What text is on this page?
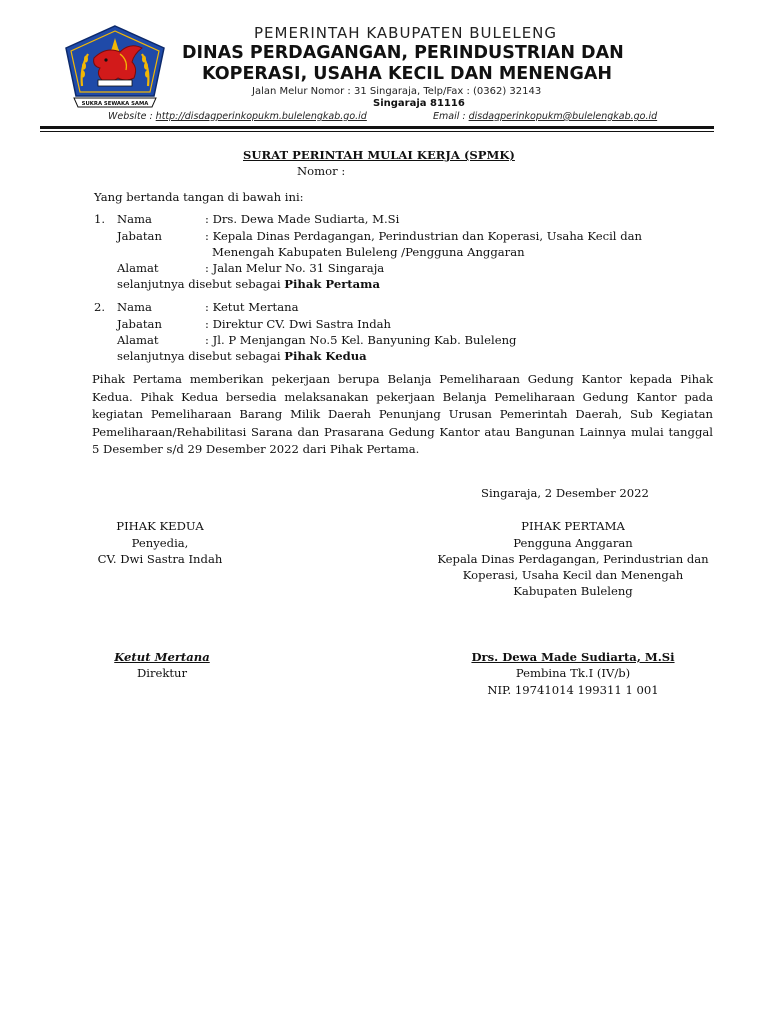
SUKRA SEWAKA SAMA
PEMERINTAH KABUPATEN BULELENG
DINAS PERDAGANGAN, PERINDUSTRIAN DAN
KOPERASI, USAHA KECIL DAN MENENGAH
Jalan Melur Nomor : 31 Singaraja, Telp/Fax : (0362) 32143
Singaraja 81116
Website : http://disdagperinkopukm.bulelengkab.go.id	Email : disdagperinkopukm@bulelengkab.go.id
SURAT PERINTAH MULAI KERJA (SPMK)
Nomor :
Yang bertanda tangan di bawah ini:
1. Nama	: Drs. Dewa Made Sudiarta, M.Si
Jabatan	: Kepala Dinas Perdagangan, Perindustrian dan Koperasi, Usaha Kecil dan
Menengah Kabupaten Buleleng /Pengguna Anggaran
Alamat	: Jalan Melur No. 31 Singaraja
selanjutnya disebut sebagai Pihak Pertama
2. Nama	: Ketut Mertana
Jabatan	: Direktur CV. Dwi Sastra Indah
Alamat	: Jl. P Menjangan No.5 Kel. Banyuning Kab. Buleleng
selanjutnya disebut sebagai Pihak Kedua
Pihak Pertama memberikan pekerjaan berupa Belanja Pemeliharaan Gedung Kantor kepada Pihak Kedua. Pihak Kedua bersedia melaksanakan pekerjaan Belanja Pemeliharaan Gedung Kantor pada kegiatan Pemeliharaan Barang Milik Daerah Penunjang Urusan Pemerintah Daerah, Sub Kegiatan Pemeliharaan/Rehabilitasi Sarana dan Prasarana Gedung Kantor atau Bangunan Lainnya mulai tanggal 5 Desember s/d 29 Desember 2022 dari Pihak Pertama.
Singaraja, 2 Desember 2022
PIHAK KEDUA
Penyedia,
CV. Dwi Sastra Indah
Ketut Mertana
Direktur
PIHAK PERTAMA
Pengguna Anggaran
Kepala Dinas Perdagangan, Perindustrian dan
Koperasi, Usaha Kecil dan Menengah
Kabupaten Buleleng
Drs. Dewa Made Sudiarta, M.Si
Pembina Tk.I (IV/b)
NIP. 19741014 199311 1 001
